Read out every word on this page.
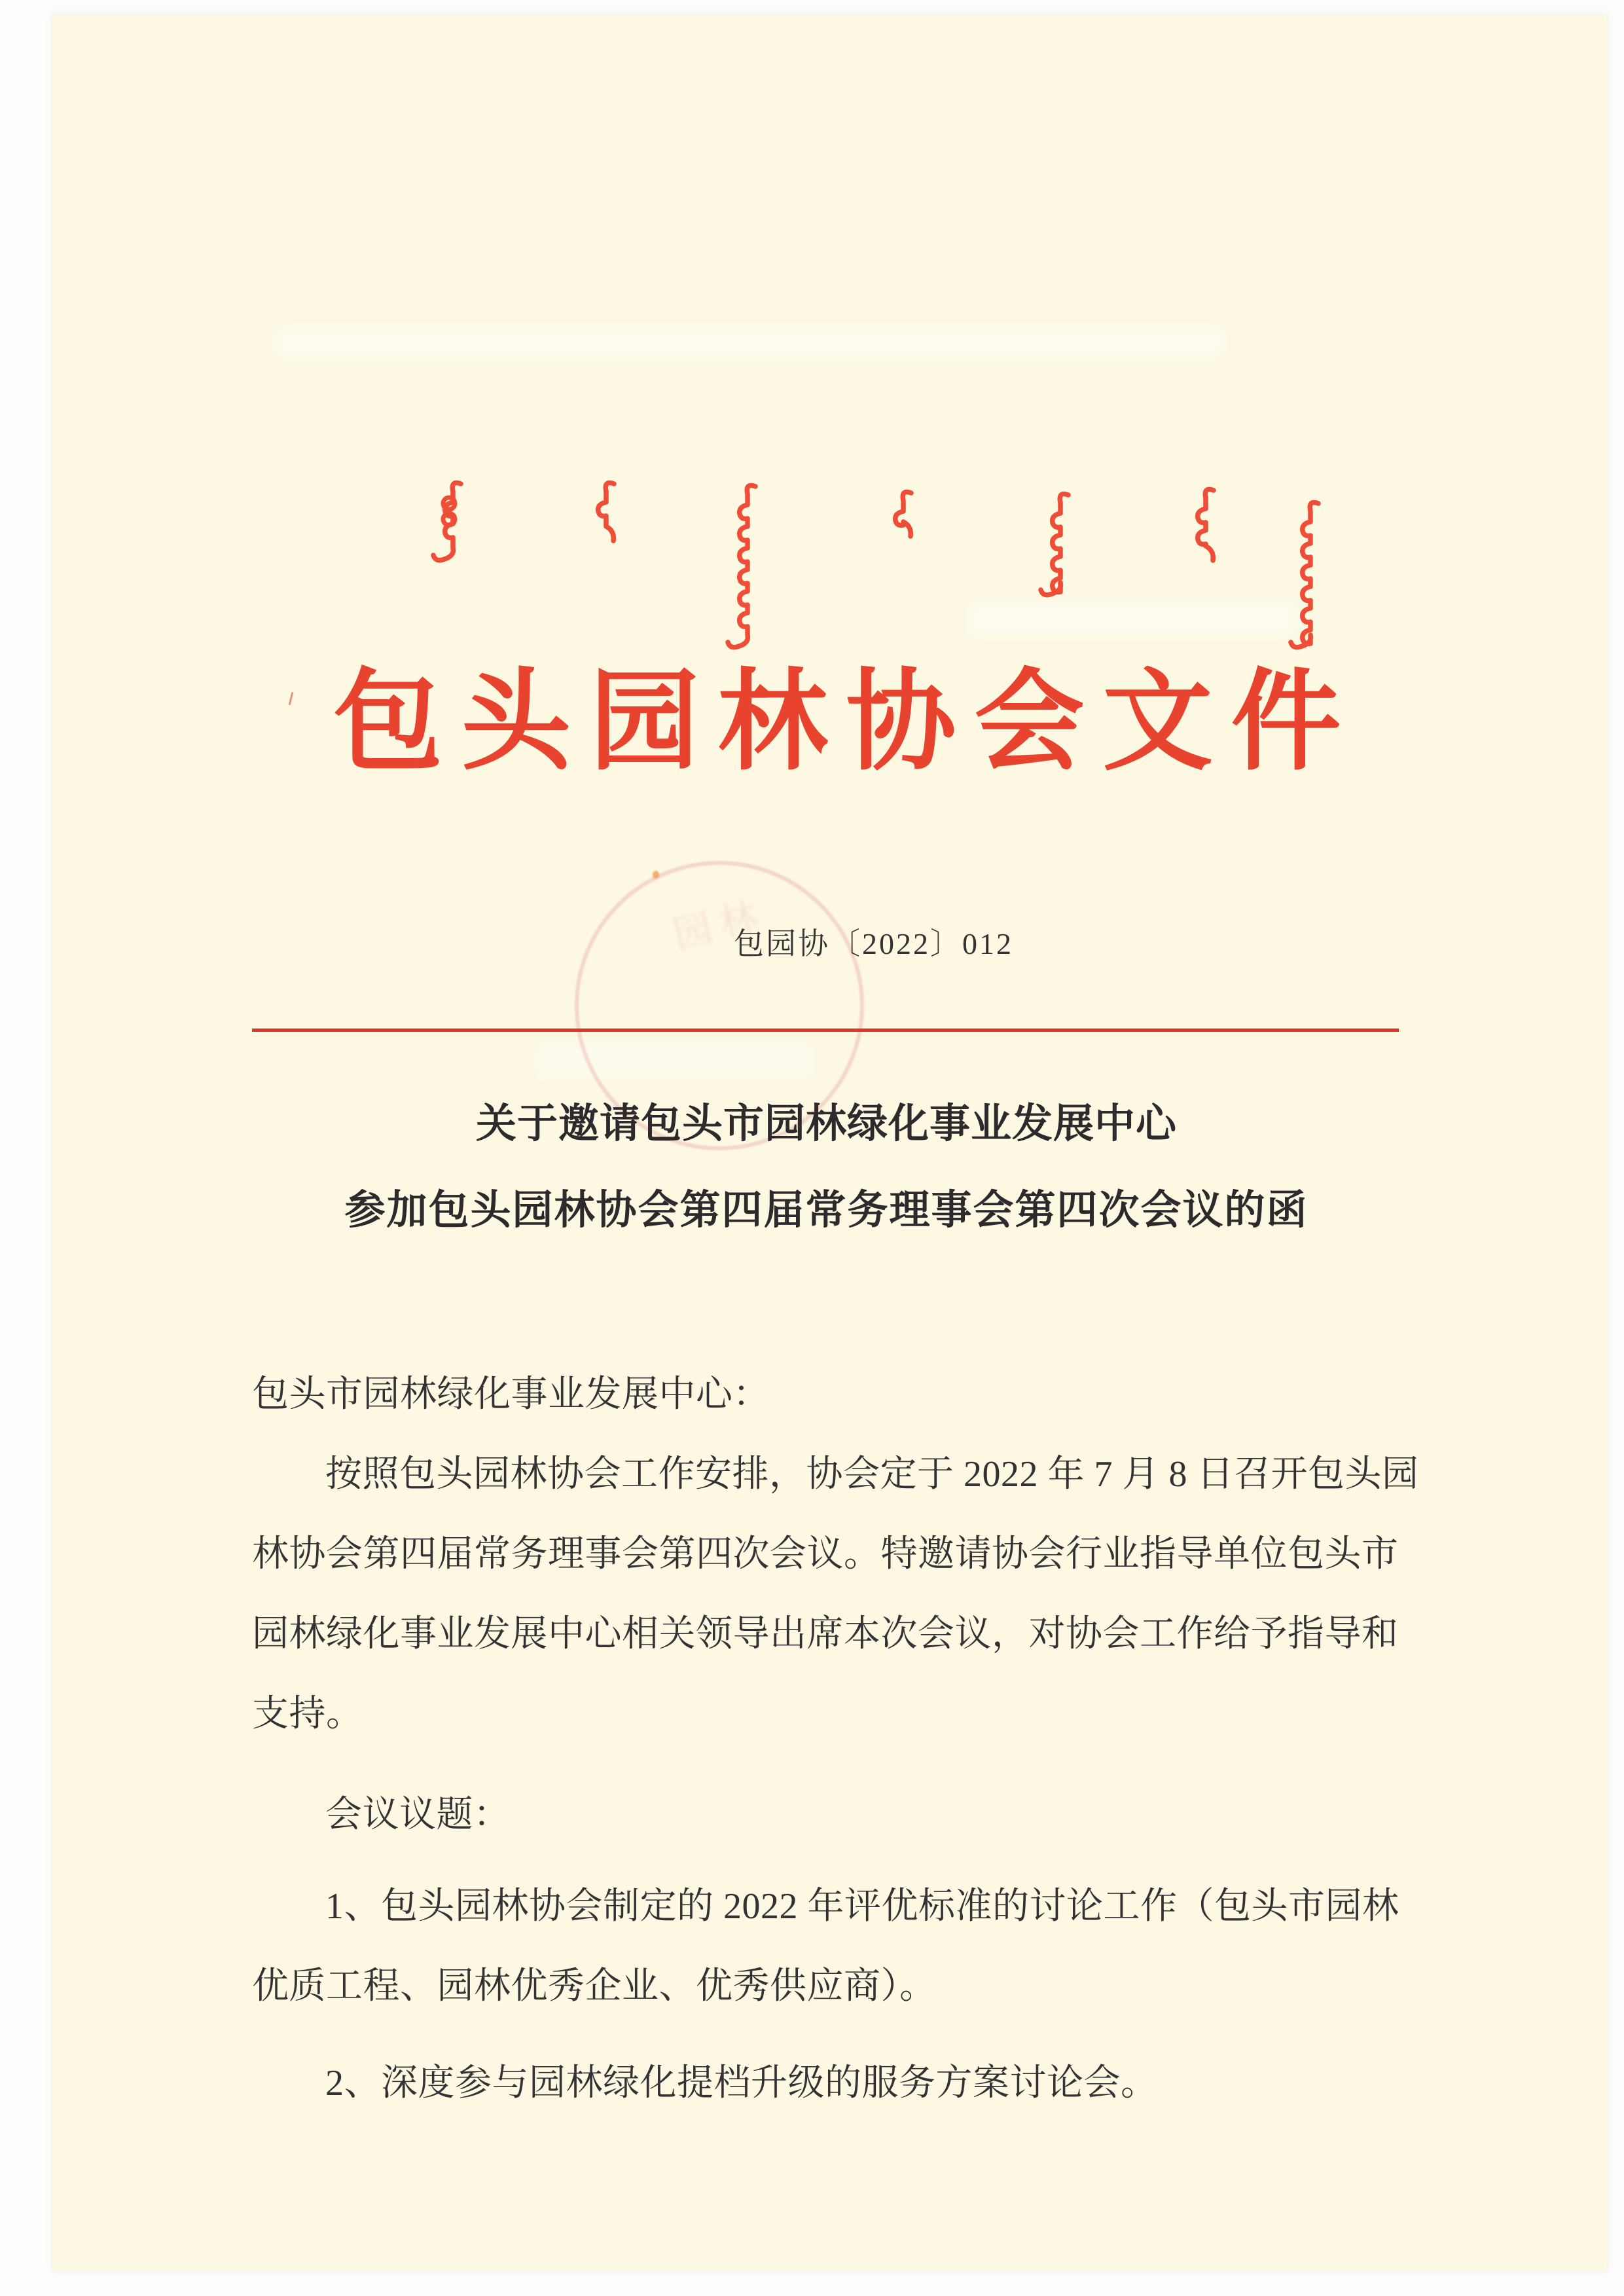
包头园林协会文件
园林
包园协〔2022〕012
关于邀请包头市园林绿化事业发展中心
参加包头园林协会第四届常务理事会第四次会议的函
包头市园林绿化事业发展中心：
按照包头园林协会工作安排，协会定于 2022 年 7 月 8 日召开包头园
林协会第四届常务理事会第四次会议。特邀请协会行业指导单位包头市
园林绿化事业发展中心相关领导出席本次会议，对协会工作给予指导和
支持。
会议议题：
1、包头园林协会制定的 2022 年评优标准的讨论工作（包头市园林
优质工程、园林优秀企业、优秀供应商）。
2、深度参与园林绿化提档升级的服务方案讨论会。
